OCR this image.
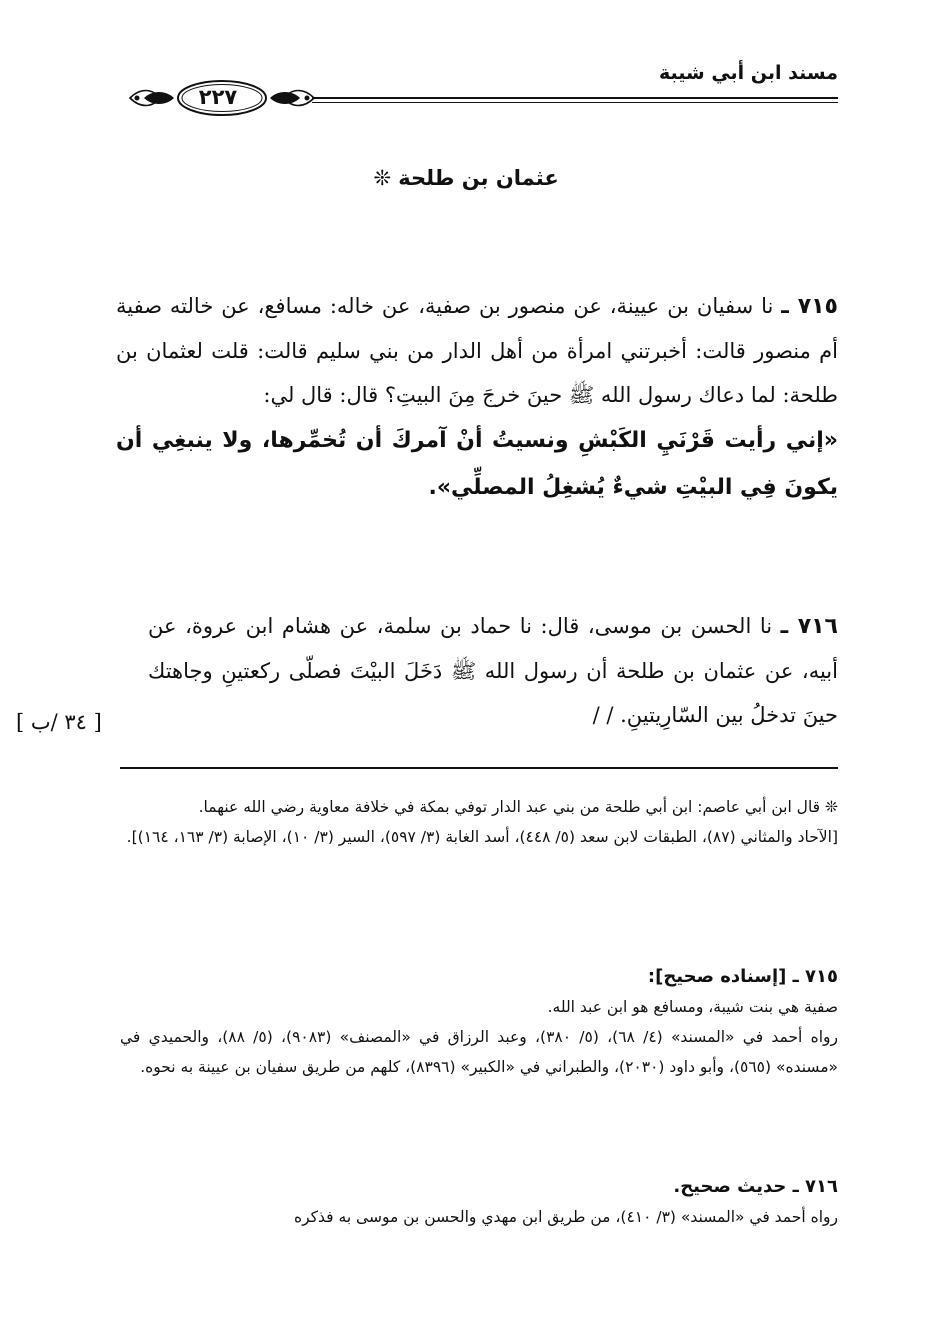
مسند ابن أبي شيبة
٢٢٧
عثمان بن طلحة ❊
٧١٥ ـ نا سفيان بن عيينة، عن منصور بن صفية، عن خاله: مسافع، عن خالته صفية أم منصور قالت: أخبرتني امرأة من أهل الدار من بني سليم قالت: قلت لعثمان بن طلحة: لما دعاك رسول الله ﷺ حينَ خرجَ مِنَ البيتِ؟ قال: قال لي:
«إني رأيت قَرْنَيِ الكَبْشِ ونسيتُ أنْ آمركَ أن تُخمِّرها، ولا ينبغِي أن يكونَ فِي البيْتِ شيءٌ يُشغِلُ المصلِّي».
٧١٦ ـ نا الحسن بن موسى، قال: نا حماد بن سلمة، عن هشام ابن عروة، عن أبيه، عن عثمان بن طلحة أن رسول الله ﷺ دَخَلَ البيْتَ فصلّى ركعتينِ وجاهتك حينَ تدخلُ بين السّارِيتينِ. / /
[ ٣٤ /ب ]

❊ قال ابن أبي عاصم: ابن أبي طلحة من بني عبد الدار توفي بمكة في خلافة معاوية رضي الله عنهما.

[الآحاد والمثاني (٨٧)، الطبقات لابن سعد (٥/ ٤٤٨)، أسد الغابة (٣/ ٥٩٧)، السير (٣/ ١٠)، الإصابة (٣/ ١٦٣، ١٦٤)].

٧١٥ ـ [إسناده صحيح]:

صفية هي بنت شيبة، ومسافع هو ابن عبد الله.

رواه أحمد في «المسند» (٤/ ٦٨)، (٥/ ٣٨٠)، وعبد الرزاق في «المصنف» (٩٠٨٣)، (٥/ ٨٨)، والحميدي في «مسنده» (٥٦٥)، وأبو داود (٢٠٣٠)، والطبراني في «الكبير» (٨٣٩٦)، كلهم من طريق سفيان بن عيينة به نحوه.

٧١٦ ـ حديث صحيح.

رواه أحمد في «المسند» (٣/ ٤١٠)، من طريق ابن مهدي والحسن بن موسى به فذكره
